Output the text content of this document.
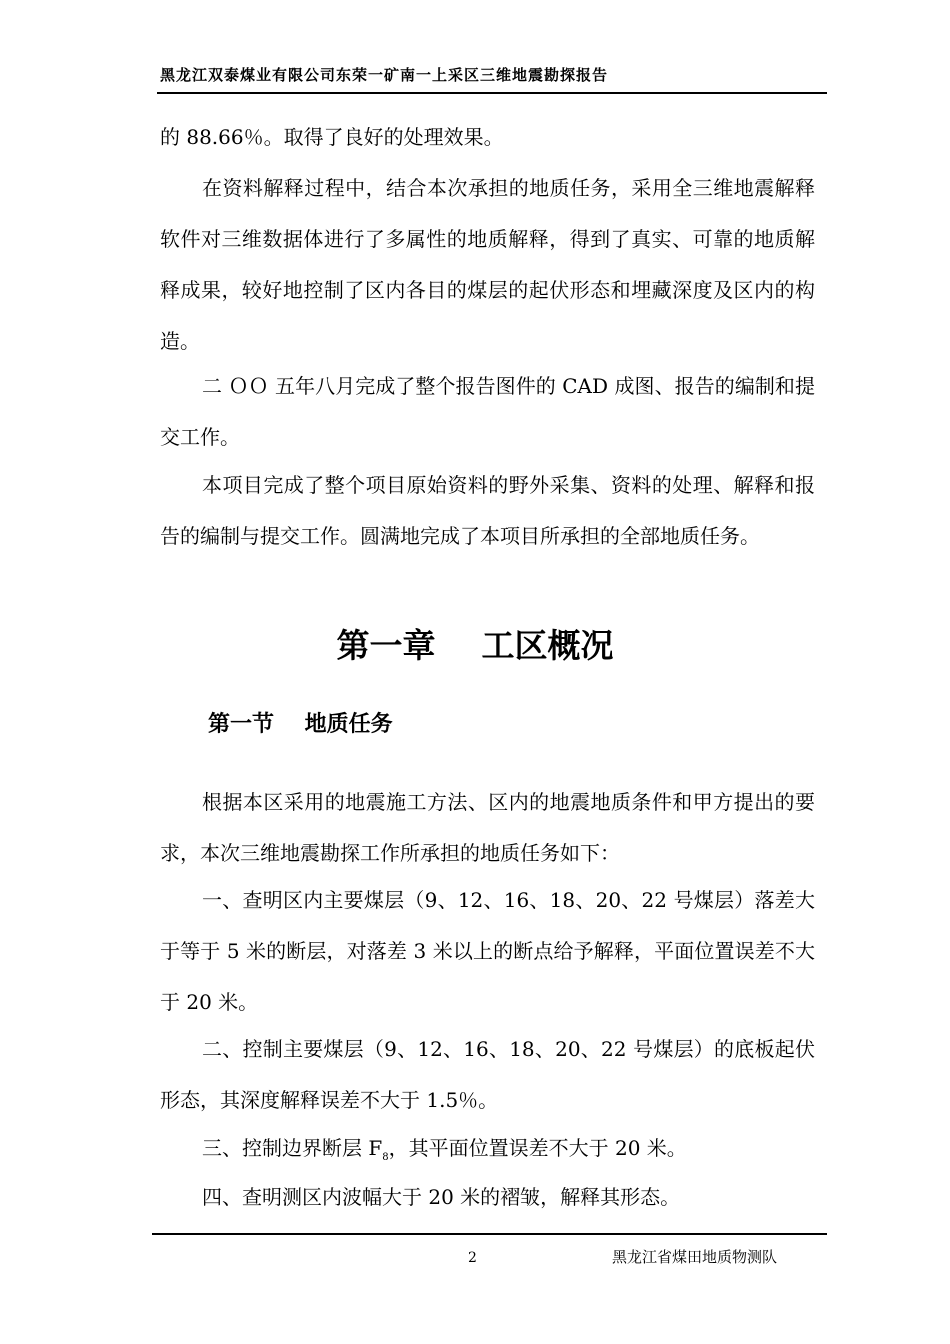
黑龙江双泰煤业有限公司东荣一矿南一上采区三维地震勘探报告

的 88.66％。取得了良好的处理效果。

在资料解释过程中，结合本次承担的地质任务，采用全三维地震解释软件对三维数据体进行了多属性的地质解释，得到了真实、可靠的地质解释成果，较好地控制了区内各目的煤层的起伏形态和埋藏深度及区内的构造。

二 ＯＯ 五年八月完成了整个报告图件的 CAD 成图、报告的编制和提交工作。

本项目完成了整个项目原始资料的野外采集、资料的处理、解释和报告的编制与提交工作。圆满地完成了本项目所承担的全部地质任务。

第一章    工区概况
第一节    地质任务

根据本区采用的地震施工方法、区内的地震地质条件和甲方提出的要求，本次三维地震勘探工作所承担的地质任务如下：

一、查明区内主要煤层（9、12、16、18、20、22 号煤层）落差大于等于 5 米的断层，对落差 3 米以上的断点给予解释，平面位置误差不大于 20 米。

二、控制主要煤层（9、12、16、18、20、22 号煤层）的底板起伏形态，其深度解释误差不大于 1.5％。

三、控制边界断层 $F_8$，其平面位置误差不大于 20 米。

四、查明测区内波幅大于 20 米的褶皱，解释其形态。

2	黑龙江省煤田地质物测队
